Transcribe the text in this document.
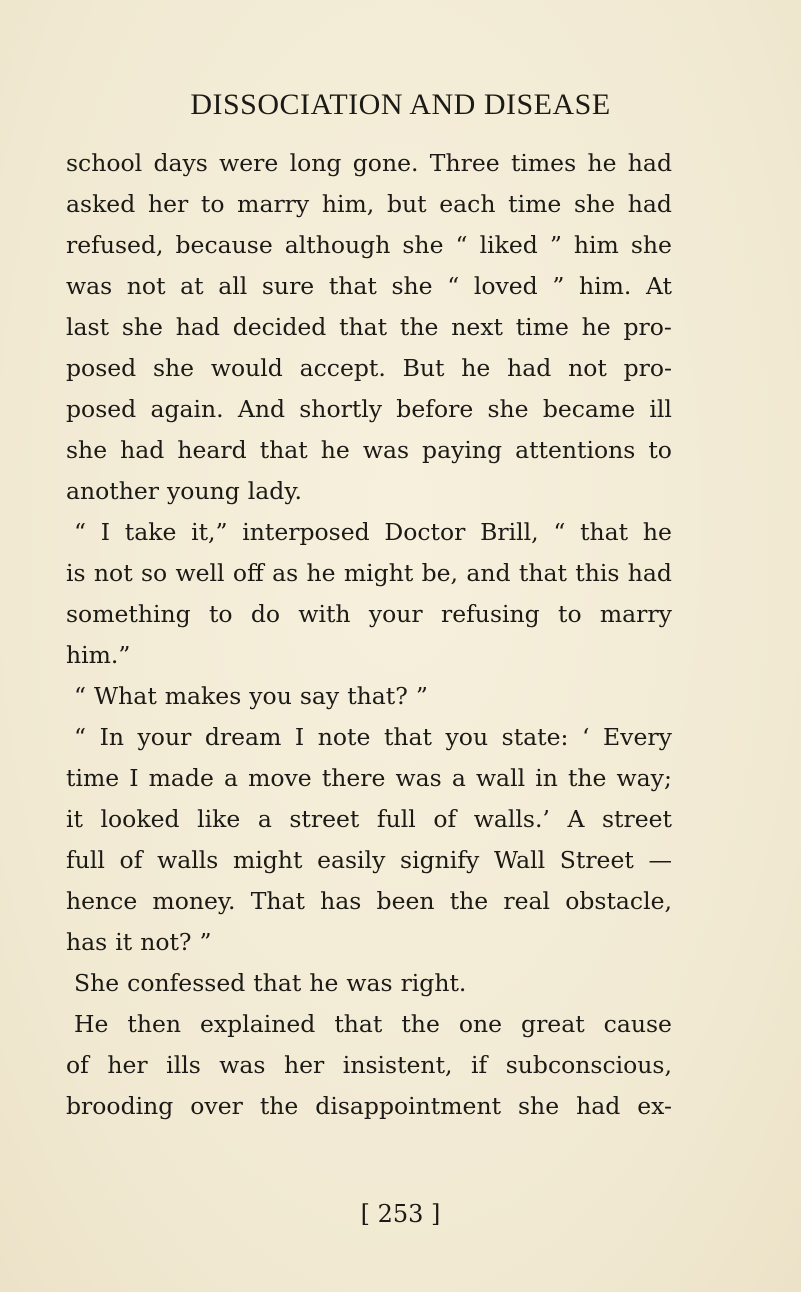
DISSOCIATION AND DISEASE
school days were long gone. Three times he had
asked her to marry him, but each time she had
refused, because although she “ liked ” him she
was not at all sure that she “ loved ” him. At
last she had decided that the next time he pro-
posed she would accept. But he had not pro-
posed again. And shortly before she became ill
she had heard that he was paying attentions to
another young lady.
“ I take it,” interposed Doctor Brill, “ that he
is not so well off as he might be, and that this had
something to do with your refusing to marry
him.”
“ What makes you say that? ”
“ In your dream I note that you state: ‘ Every
time I made a move there was a wall in the way;
it looked like a street full of walls.’ A street
full of walls might easily signify Wall Street —
hence money. That has been the real obstacle,
has it not? ”
She confessed that he was right.
He then explained that the one great cause
of her ills was her insistent, if subconscious,
brooding over the disappointment she had ex-
[ 253 ]
